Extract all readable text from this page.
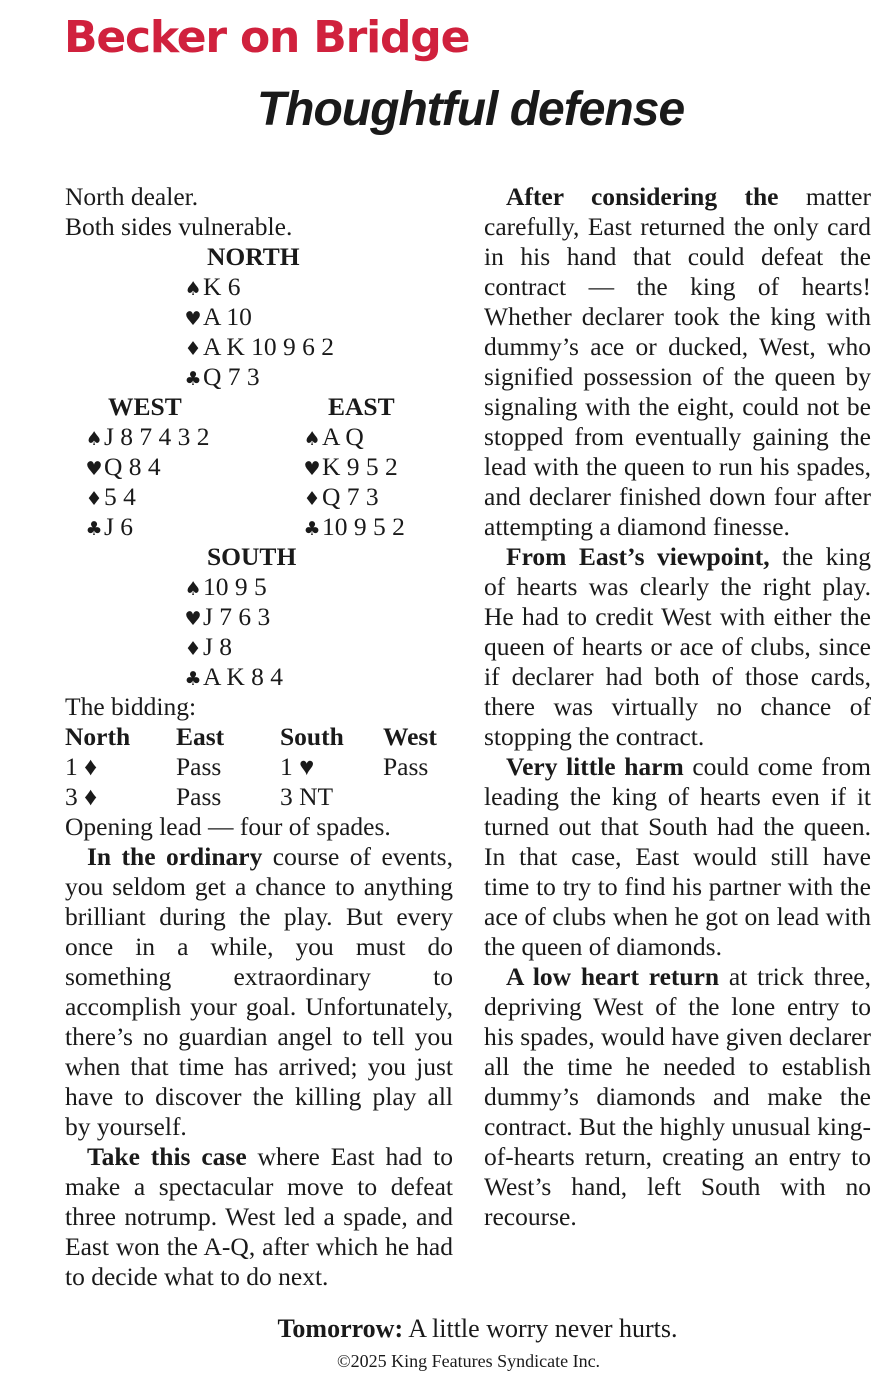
Becker on Bridge
Thoughtful defense
North dealer.
Both sides vulnerable.
NORTH
♠K 6
♥A 10
♦A K 10 9 6 2
♣Q 7 3
WEST	EAST
♠J 8 7 4 3 2	♠A Q
♥Q 8 4	♥K 9 5 2
♦5 4	♦Q 7 3
♣J 6	♣10 9 5 2
SOUTH
♠10 9 5
♥J 7 6 3
♦J 8
♣A K 8 4
The bidding:
North East South West
1 ♦	Pass 1 ♥	Pass
3 ♦	Pass 3 NT
Opening lead — four of spades.

In the ordinary course of events, you seldom get a chance to anything brilliant during the play. But every once in a while, you must do something extraordinary to accomplish your goal. Unfortunately, there’s no guardian angel to tell you when that time has arrived; you just have to discover the killing play all by yourself.

Take this case where East had to make a spectacular move to defeat three notrump. West led a spade, and East won the A-Q, after which he had to decide what to do next.

After considering the matter carefully, East returned the only card in his hand that could defeat the contract — the king of hearts! Whether declarer took the king with dummy’s ace or ducked, West, who signified possession of the queen by signaling with the eight, could not be stopped from eventually gaining the lead with the queen to run his spades, and declarer finished down four after attempting a diamond finesse.

From East’s viewpoint, the king of hearts was clearly the right play. He had to credit West with either the queen of hearts or ace of clubs, since if declarer had both of those cards, there was virtually no chance of stopping the contract.

Very little harm could come from leading the king of hearts even if it turned out that South had the queen. In that case, East would still have time to try to find his partner with the ace of clubs when he got on lead with the queen of diamonds.

A low heart return at trick three, depriving West of the lone entry to his spades, would have given declarer all the time he needed to establish dummy’s diamonds and make the contract. But the highly unusual king-of-hearts return, creating an entry to West’s hand, left South with no recourse.

Tomorrow: A little worry never hurts.
©2025 King Features Syndicate Inc.
